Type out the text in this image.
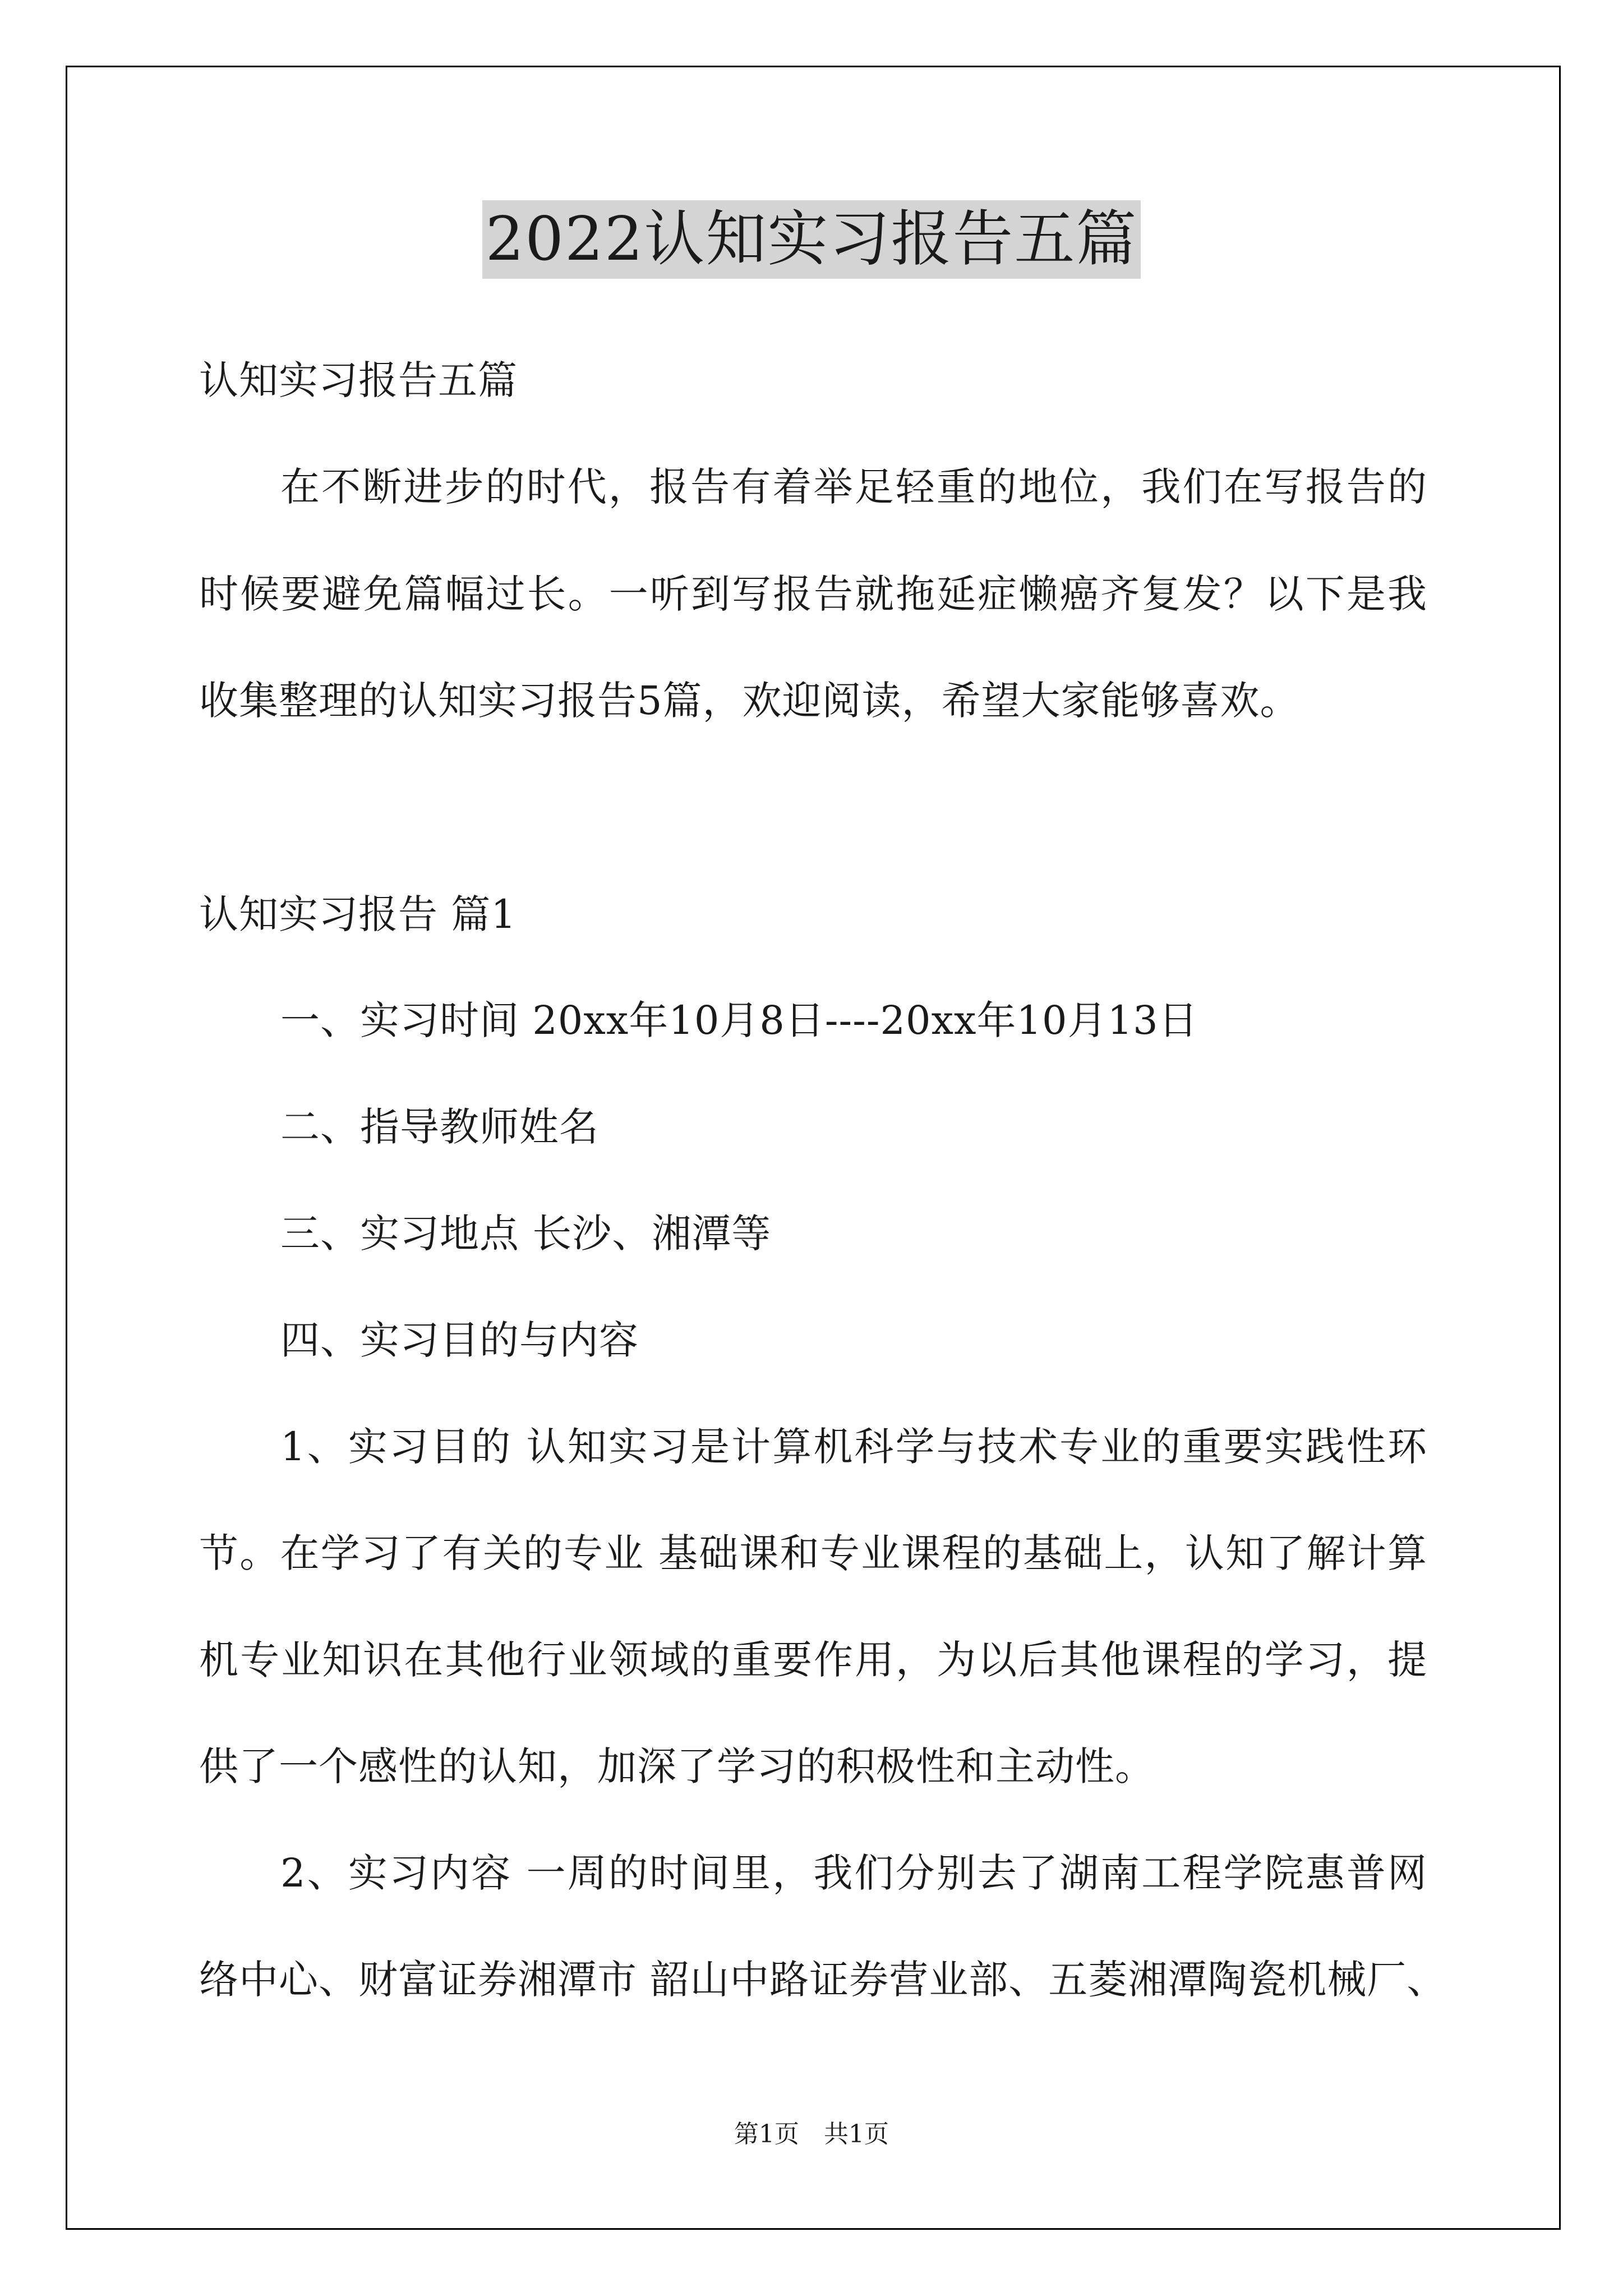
2022认知实习报告五篇
认知实习报告五篇
在不断进步的时代，报告有着举足轻重的地位，我们在写报告的
时候要避免篇幅过长。一听到写报告就拖延症懒癌齐复发？以下是我
收集整理的认知实习报告5篇，欢迎阅读，希望大家能够喜欢。
认知实习报告 篇1
一、实习时间 20xx年10月8日----20xx年10月13日
二、指导教师姓名
三、实习地点 长沙、湘潭等
四、实习目的与内容
1、实习目的 认知实习是计算机科学与技术专业的重要实践性环
节。在学习了有关的专业 基础课和专业课程的基础上，认知了解计算
机专业知识在其他行业领域的重要作用，为以后其他课程的学习，提
供了一个感性的认知，加深了学习的积极性和主动性。
2、实习内容 一周的时间里，我们分别去了湖南工程学院惠普网
络中心、财富证券湘潭市 韶山中路证券营业部、五菱湘潭陶瓷机械厂、
第1页　共1页
